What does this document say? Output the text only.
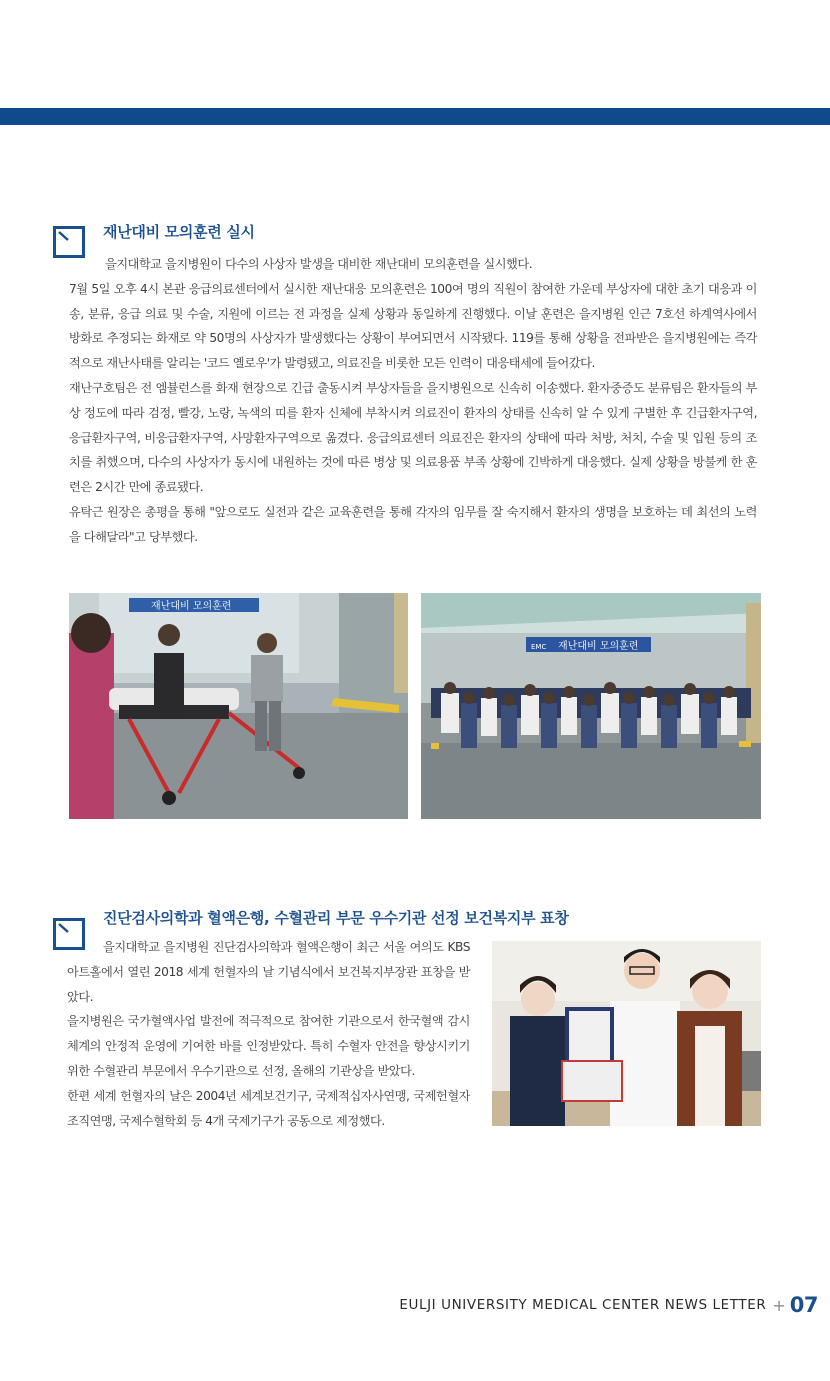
재난대비 모의훈련 실시

을지대학교 을지병원이 다수의 사상자 발생을 대비한 재난대비 모의훈련을 실시했다.

7월 5일 오후 4시 본관 응급의료센터에서 실시한 재난대응 모의훈련은 100여 명의 직원이 참여한 가운데 부상자에 대한 초기 대응과 이송, 분류, 응급 의료 및 수술, 지원에 이르는 전 과정을 실제 상황과 동일하게 진행했다. 이날 훈련은 을지병원 인근 7호선 하계역사에서 방화로 추정되는 화재로 약 50명의 사상자가 발생했다는 상황이 부여되면서 시작됐다. 119를 통해 상황을 전파받은 을지병원에는 즉각적으로 재난사태를 알리는 '코드 옐로우'가 발령됐고, 의료진을 비롯한 모든 인력이 대응태세에 들어갔다.

재난구호팀은 전 엠뷸런스를 화재 현장으로 긴급 출동시켜 부상자들을 을지병원으로 신속히 이송했다. 환자중증도 분류팀은 환자들의 부상 정도에 따라 검정, 빨강, 노랑, 녹색의 띠를 환자 신체에 부착시켜 의료진이 환자의 상태를 신속히 알 수 있게 구별한 후 긴급환자구역, 응급환자구역, 비응급환자구역, 사망환자구역으로 옮겼다. 응급의료센터 의료진은 환자의 상태에 따라 처방, 처치, 수술 및 입원 등의 조치를 취했으며, 다수의 사상자가 동시에 내원하는 것에 따른 병상 및 의료용품 부족 상황에 긴박하게 대응했다. 실제 상황을 방불케 한 훈련은 2시간 만에 종료됐다.

유탁근 원장은 총평을 통해 "앞으로도 실전과 같은 교육훈련을 통해 각자의 임무를 잘 숙지해서 환자의 생명을 보호하는 데 최선의 노력을 다해달라"고 당부했다.

재난대비 모의훈련
재난대비 모의훈련
EMC
진단검사의학과 혈액은행, 수혈관리 부문 우수기관 선정 보건복지부 표창

을지대학교 을지병원 진단검사의학과 혈액은행이 최근 서울 여의도 KBS 아트홀에서 열린 2018 세계 헌혈자의 날 기념식에서 보건복지부장관 표창을 받았다.

을지병원은 국가혈액사업 발전에 적극적으로 참여한 기관으로서 한국혈액 감시체계의 안정적 운영에 기여한 바를 인정받았다. 특히 수혈자 안전을 향상시키기 위한 수혈관리 부문에서 우수기관으로 선정, 올해의 기관상을 받았다.

한편 세계 헌혈자의 날은 2004년 세계보건기구, 국제적십자사연맹, 국제헌혈자조직연맹, 국제수혈학회 등 4개 국제기구가 공동으로 제정했다.

EULJI UNIVERSITY MEDICAL CENTER NEWS LETTER + 07
